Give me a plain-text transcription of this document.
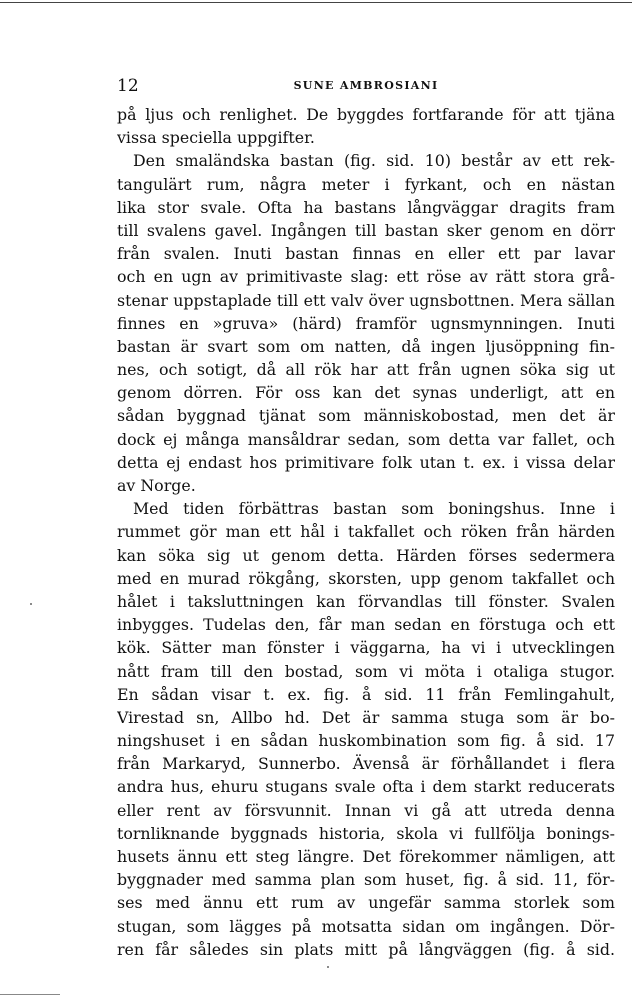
12	SUNE AMBROSIANI
på ljus och renlighet. De byggdes fortfarande för att tjäna
vissa speciella uppgifter.
Den smaländska bastan (fig. sid. 10) består av ett rek-
tangulärt rum, några meter i fyrkant, och en nästan
lika stor svale. Ofta ha bastans långväggar dragits fram
till svalens gavel. Ingången till bastan sker genom en dörr
från svalen. Inuti bastan finnas en eller ett par lavar
och en ugn av primitivaste slag: ett röse av rätt stora grå-
stenar uppstaplade till ett valv över ugnsbottnen. Mera sällan
finnes en »gruva» (härd) framför ugnsmynningen. Inuti
bastan är svart som om natten, då ingen ljusöppning fin-
nes, och sotigt, då all rök har att från ugnen söka sig ut
genom dörren. För oss kan det synas underligt, att en
sådan byggnad tjänat som människobostad, men det är
dock ej många mansåldrar sedan, som detta var fallet, och
detta ej endast hos primitivare folk utan t. ex. i vissa delar
av Norge.
Med tiden förbättras bastan som boningshus. Inne i
rummet gör man ett hål i takfallet och röken från härden
kan söka sig ut genom detta. Härden förses sedermera
med en murad rökgång, skorsten, upp genom takfallet och
hålet i taksluttningen kan förvandlas till fönster. Svalen
inbygges. Tudelas den, får man sedan en förstuga och ett
kök. Sätter man fönster i väggarna, ha vi i utvecklingen
nått fram till den bostad, som vi möta i otaliga stugor.
En sådan visar t. ex. fig. å sid. 11 från Femlingahult,
Virestad sn, Allbo hd. Det är samma stuga som är bo-
ningshuset i en sådan huskombination som fig. å sid. 17
från Markaryd, Sunnerbo. Ävenså är förhållandet i flera
andra hus, ehuru stugans svale ofta i dem starkt reducerats
eller rent av försvunnit. Innan vi gå att utreda denna
tornliknande byggnads historia, skola vi fullfölja bonings-
husets ännu ett steg längre. Det förekommer nämligen, att
byggnader med samma plan som huset, fig. å sid. 11, för-
ses med ännu ett rum av ungefär samma storlek som
stugan, som lägges på motsatta sidan om ingången. Dör-
ren får således sin plats mitt på långväggen (fig. å sid.
